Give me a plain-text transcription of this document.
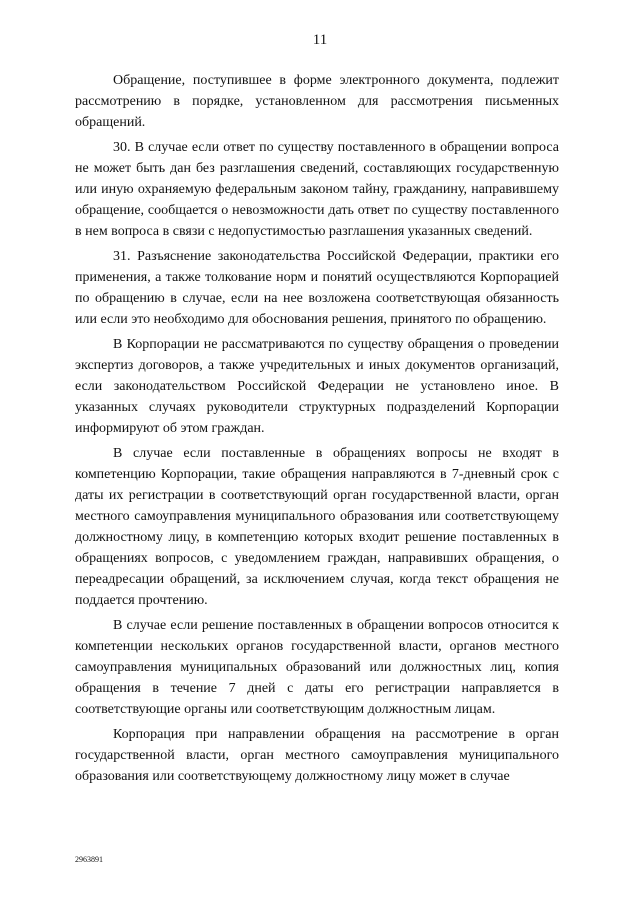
11

Обращение, поступившее в форме электронного документа, подлежит рассмотрению в порядке, установленном для рассмотрения письменных обращений.

30. В случае если ответ по существу поставленного в обращении вопроса не может быть дан без разглашения сведений, составляющих государственную или иную охраняемую федеральным законом тайну, гражданину, направившему обращение, сообщается о невозможности дать ответ по существу поставленного в нем вопроса в связи с недопустимостью разглашения указанных сведений.

31. Разъяснение законодательства Российской Федерации, практики его применения, а также толкование норм и понятий осуществляются Корпорацией по обращению в случае, если на нее возложена соответствующая обязанность или если это необходимо для обоснования решения, принятого по обращению.

В Корпорации не рассматриваются по существу обращения о проведении экспертиз договоров, а также учредительных и иных документов организаций, если законодательством Российской Федерации не установлено иное. В указанных случаях руководители структурных подразделений Корпорации информируют об этом граждан.

В случае если поставленные в обращениях вопросы не входят в компетенцию Корпорации, такие обращения направляются в 7-дневный срок с даты их регистрации в соответствующий орган государственной власти, орган местного самоуправления муниципального образования или соответствующему должностному лицу, в компетенцию которых входит решение поставленных в обращениях вопросов, с уведомлением граждан, направивших обращения, о переадресации обращений, за исключением случая, когда текст обращения не поддается прочтению.

В случае если решение поставленных в обращении вопросов относится к компетенции нескольких органов государственной власти, органов местного самоуправления муниципальных образований или должностных лиц, копия обращения в течение 7 дней с даты его регистрации направляется в соответствующие органы или соответствующим должностным лицам.

Корпорация при направлении обращения на рассмотрение в орган государственной власти, орган местного самоуправления муниципального образования или соответствующему должностному лицу может в случае

2963891
